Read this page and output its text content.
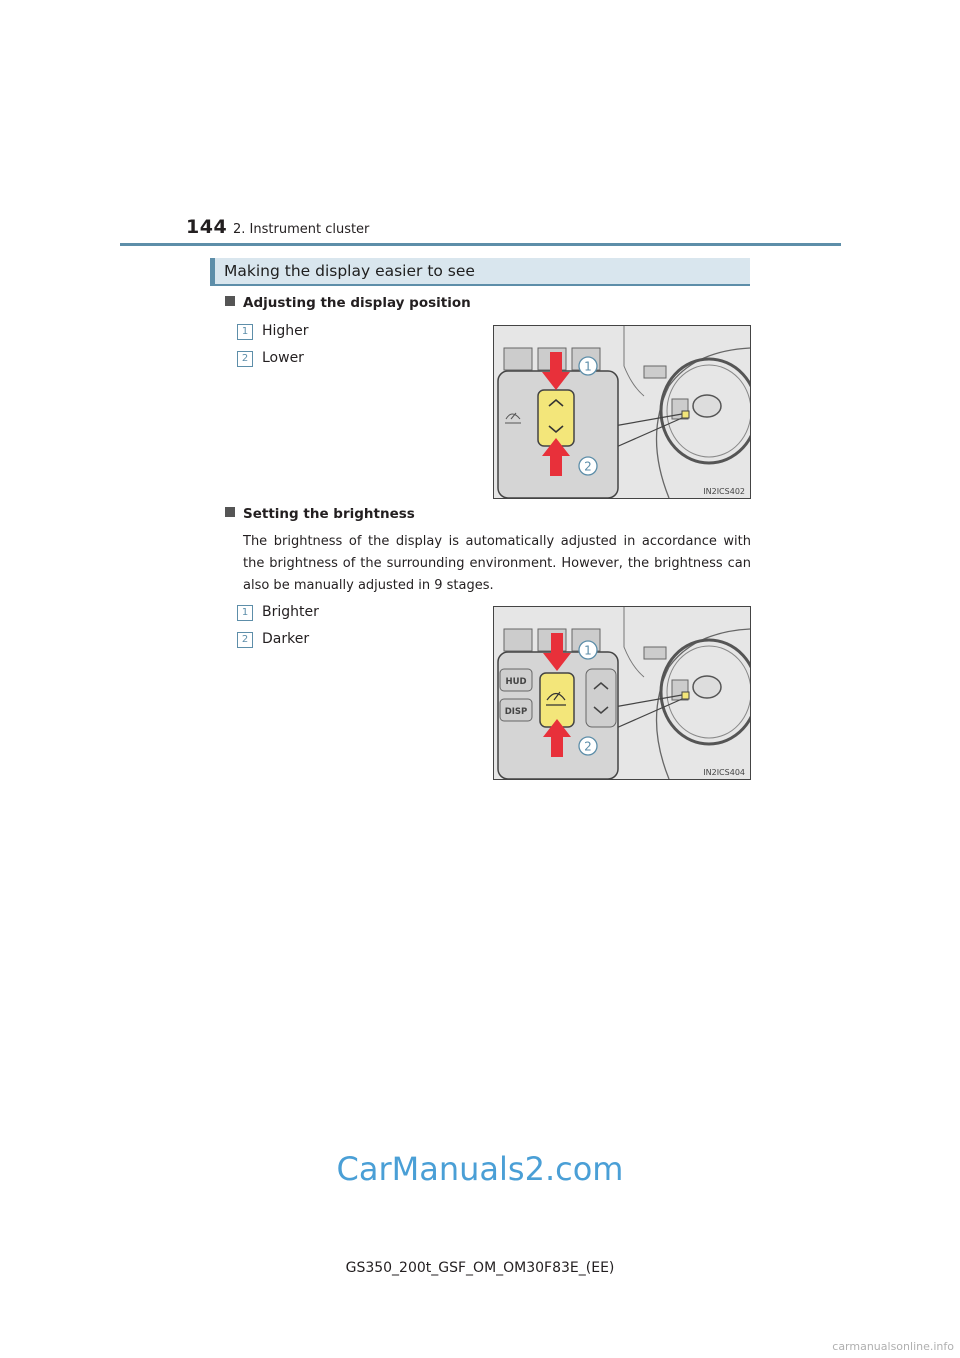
144 2. Instrument cluster
Making the display easier to see
Adjusting the display position
1 Higher
2 Lower
1
2
IN2ICS402
Setting the brightness
The brightness of the display is automatically adjusted in accordance with the brightness of the surrounding environment. However, the brightness can also be manually adjusted in 9 stages.
1 Brighter
2 Darker
HUD
DISP
1
2
IN2ICS404
CarManuals2.com
GS350_200t_GSF_OM_OM30F83E_(EE)
carmanualsonline.info
